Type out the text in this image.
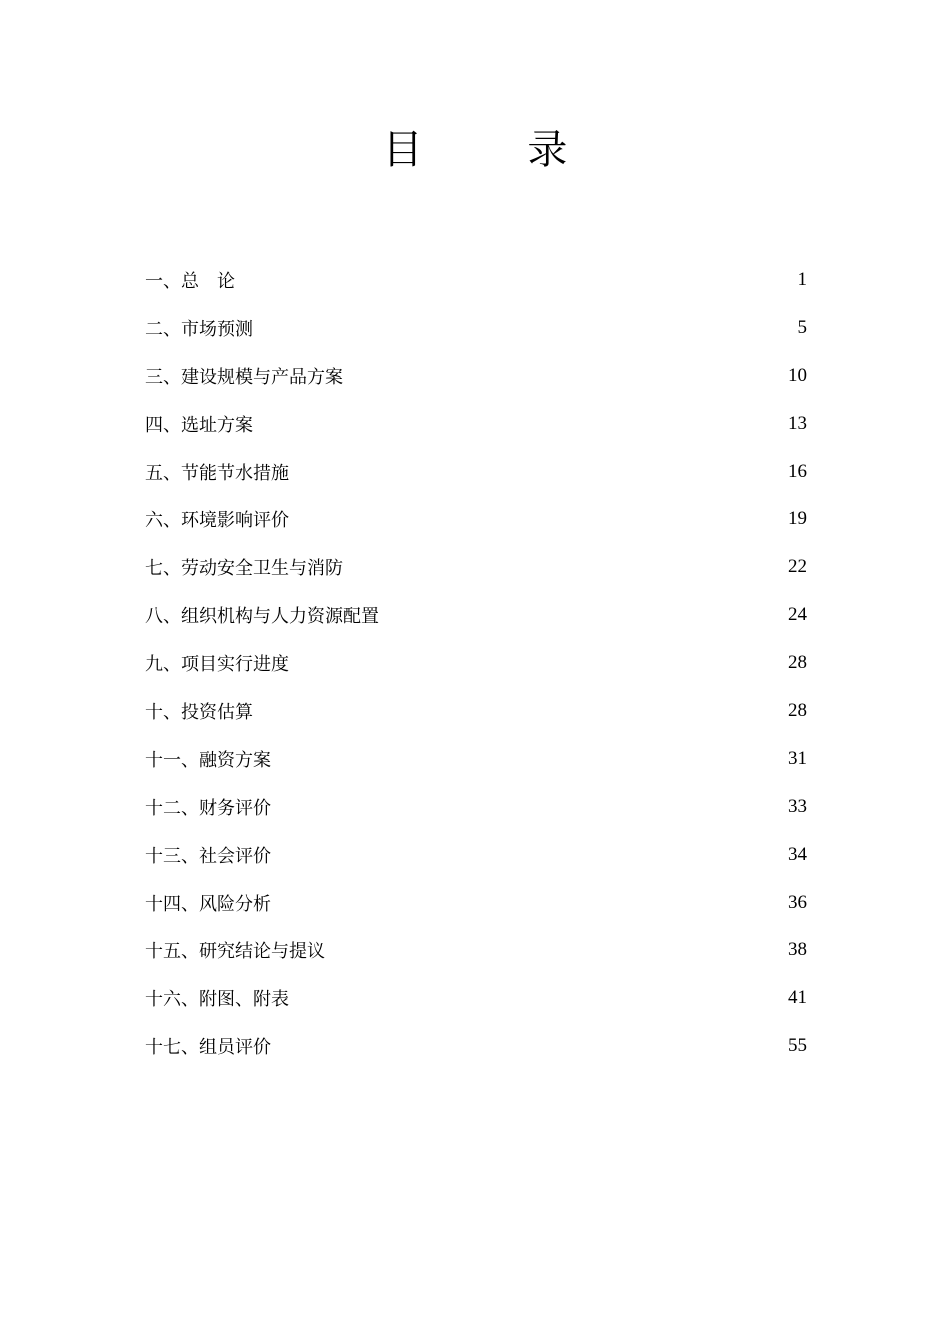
目 录
一、总　论	1
二、市场预测	5
三、建设规模与产品方案	10
四、选址方案	13
五、节能节水措施	16
六、环境影响评价	19
七、劳动安全卫生与消防	22
八、组织机构与人力资源配置	24
九、项目实行进度	28
十、投资估算	28
十一、融资方案	31
十二、财务评价	33
十三、社会评价	34
十四、风险分析	36
十五、研究结论与提议	38
十六、附图、附表	41
十七、组员评价	55
